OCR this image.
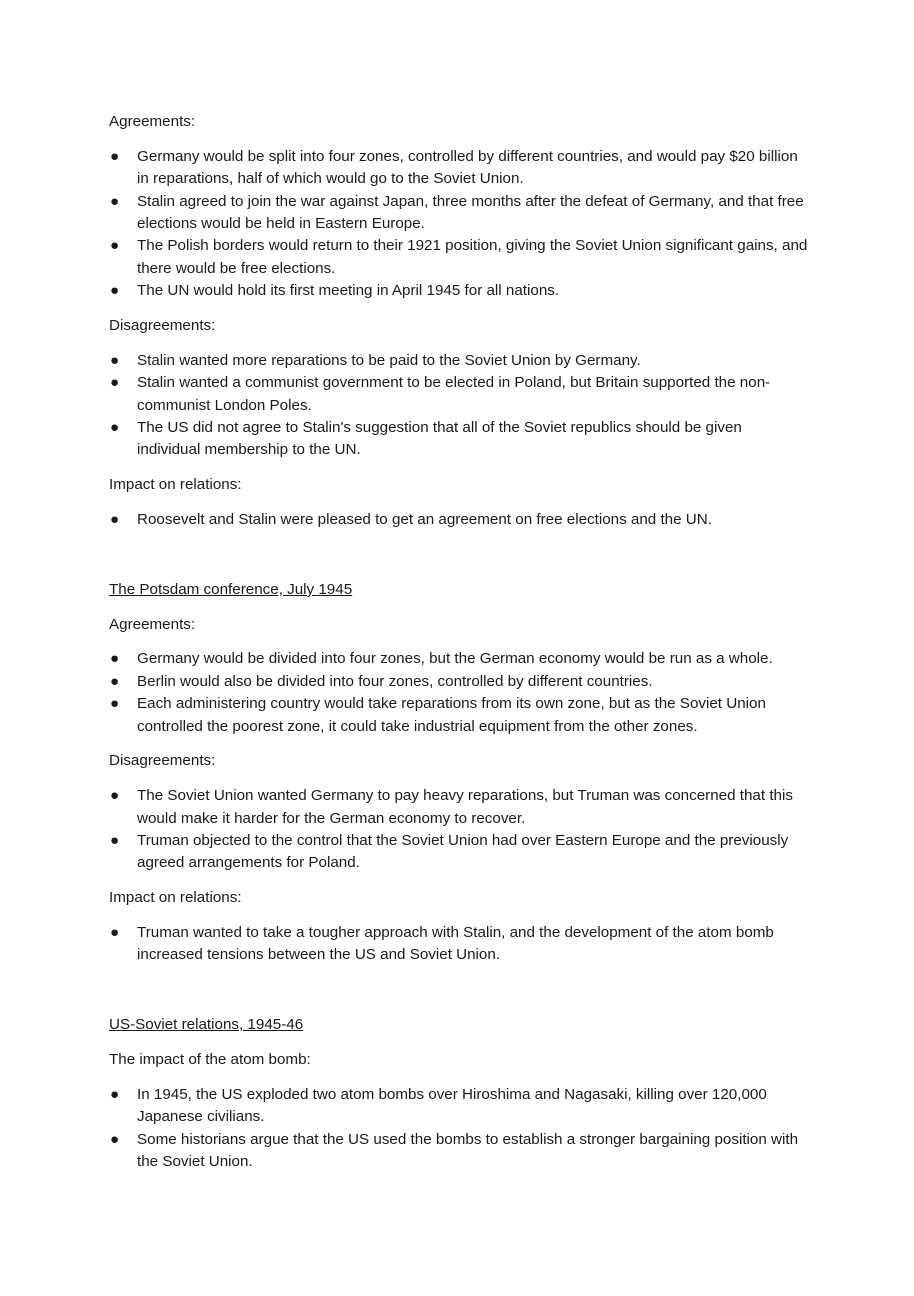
Agreements:

● Germany would be split into four zones, controlled by different countries, and would pay $20 billion in reparations, half of which would go to the Soviet Union.
● Stalin agreed to join the war against Japan, three months after the defeat of Germany, and that free elections would be held in Eastern Europe.
● The Polish borders would return to their 1921 position, giving the Soviet Union significant gains, and there would be free elections.
● The UN would hold its first meeting in April 1945 for all nations.

Disagreements:

● Stalin wanted more reparations to be paid to the Soviet Union by Germany.
● Stalin wanted a communist government to be elected in Poland, but Britain supported the non-communist London Poles.
● The US did not agree to Stalin's suggestion that all of the Soviet republics should be given individual membership to the UN.

Impact on relations:

● Roosevelt and Stalin were pleased to get an agreement on free elections and the UN.

The Potsdam conference, July 1945

Agreements:

● Germany would be divided into four zones, but the German economy would be run as a whole.
● Berlin would also be divided into four zones, controlled by different countries.
● Each administering country would take reparations from its own zone, but as the Soviet Union controlled the poorest zone, it could take industrial equipment from the other zones.

Disagreements:

● The Soviet Union wanted Germany to pay heavy reparations, but Truman was concerned that this would make it harder for the German economy to recover.
● Truman objected to the control that the Soviet Union had over Eastern Europe and the previously agreed arrangements for Poland.

Impact on relations:

● Truman wanted to take a tougher approach with Stalin, and the development of the atom bomb increased tensions between the US and Soviet Union.

US-Soviet relations, 1945-46

The impact of the atom bomb:

● In 1945, the US exploded two atom bombs over Hiroshima and Nagasaki, killing over 120,000 Japanese civilians.
● Some historians argue that the US used the bombs to establish a stronger bargaining position with the Soviet Union.
